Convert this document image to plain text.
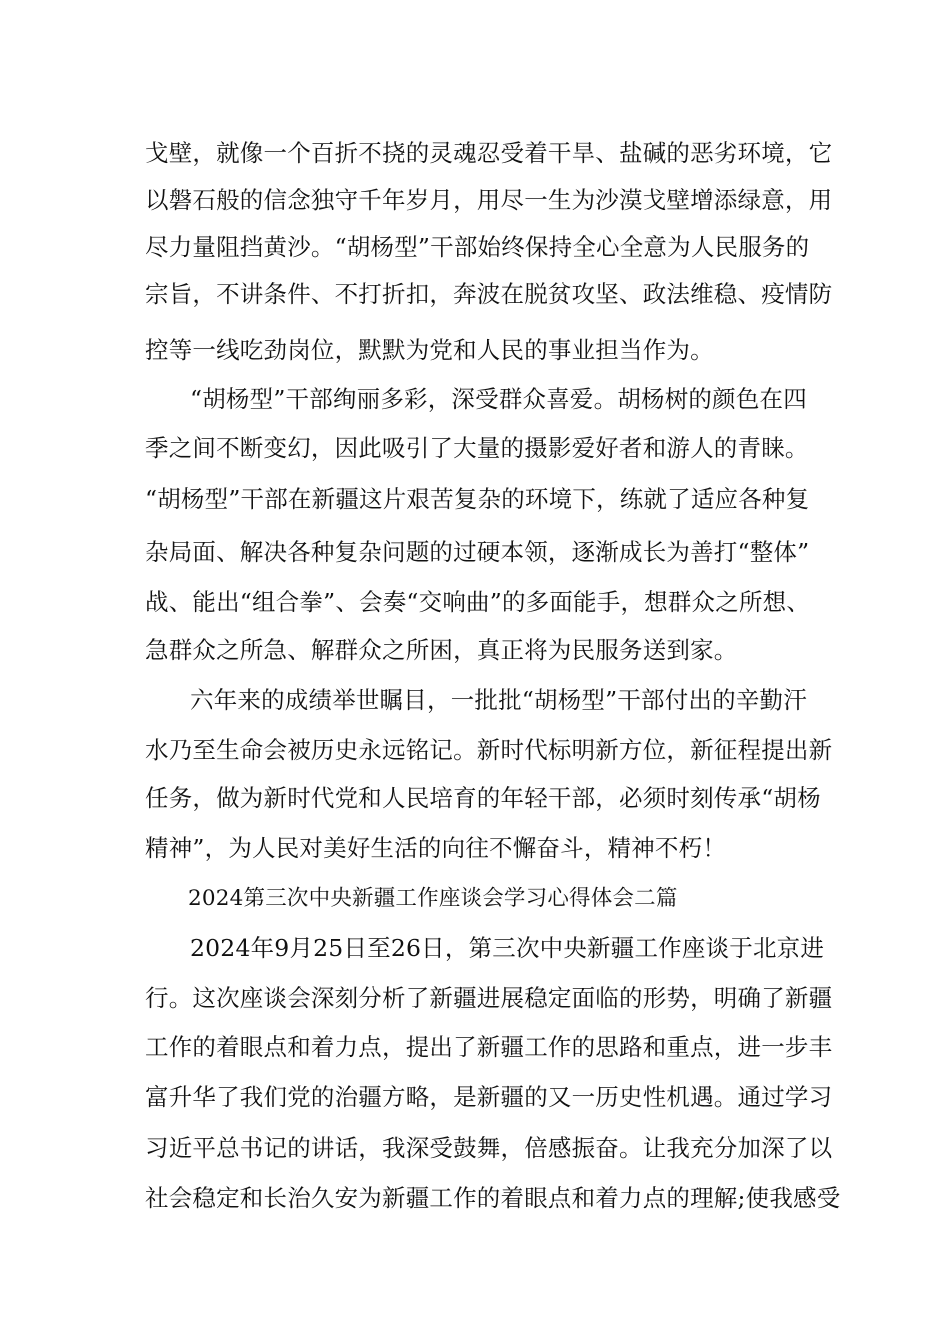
戈壁，就像一个百折不挠的灵魂忍受着干旱、盐碱的恶劣环境，它
以磐石般的信念独守千年岁月，用尽一生为沙漠戈壁增添绿意，用
尽力量阻挡黄沙。“胡杨型”干部始终保持全心全意为人民服务的
宗旨，不讲条件、不打折扣，奔波在脱贫攻坚、政法维稳、疫情防
控等一线吃劲岗位，默默为党和人民的事业担当作为。
“胡杨型”干部绚丽多彩，深受群众喜爱。胡杨树的颜色在四
季之间不断变幻，因此吸引了大量的摄影爱好者和游人的青睐。
“胡杨型”干部在新疆这片艰苦复杂的环境下，练就了适应各种复
杂局面、解决各种复杂问题的过硬本领，逐渐成长为善打“整体”
战、能出“组合拳”、会奏“交响曲”的多面能手，想群众之所想、
急群众之所急、解群众之所困，真正将为民服务送到家。
六年来的成绩举世瞩目，一批批“胡杨型”干部付出的辛勤汗
水乃至生命会被历史永远铭记。新时代标明新方位，新征程提出新
任务，做为新时代党和人民培育的年轻干部，必须时刻传承“胡杨
精神”，为人民对美好生活的向往不懈奋斗，精神不朽！
2024第三次中央新疆工作座谈会学习心得体会二篇
2024年9月25日至26日，第三次中央新疆工作座谈于北京进
行。这次座谈会深刻分析了新疆进展稳定面临的形势，明确了新疆
工作的着眼点和着力点，提出了新疆工作的思路和重点，进一步丰
富升华了我们党的治疆方略，是新疆的又一历史性机遇。通过学习
习近平总书记的讲话，我深受鼓舞，倍感振奋。让我充分加深了以
社会稳定和长治久安为新疆工作的着眼点和着力点的理解;使我感受
